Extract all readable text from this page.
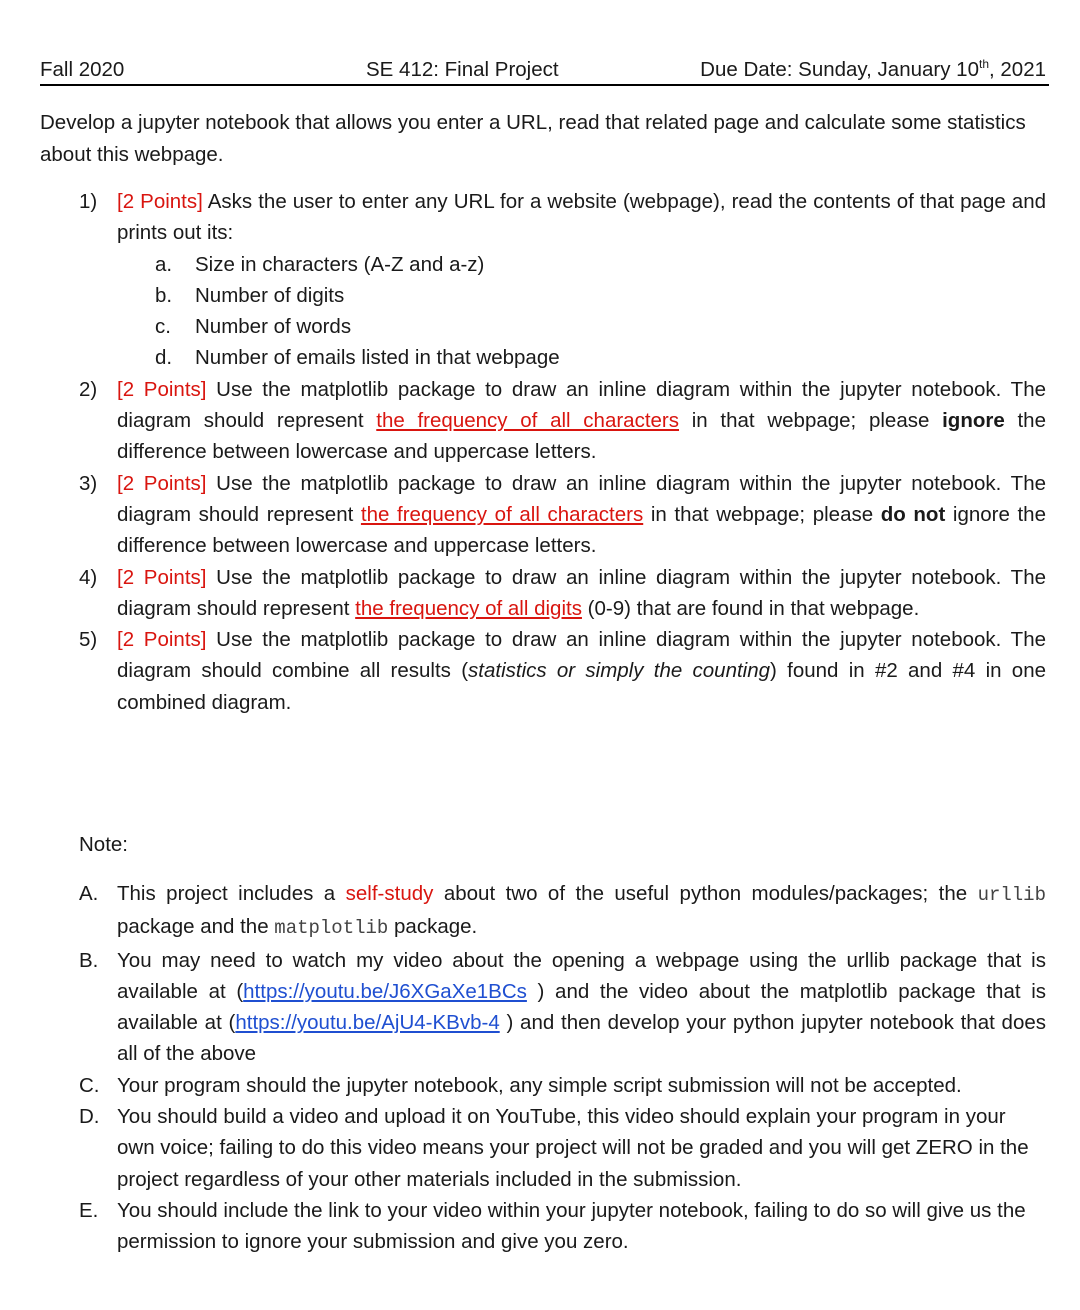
Fall 2020	SE 412: Final Project	Due Date: Sunday, January 10th, 2021

Develop a jupyter notebook that allows you enter a URL, read that related page and calculate some statistics about this webpage.

1) [2 Points] Asks the user to enter any URL for a website (webpage), read the contents of that page and prints out its:
a. Size in characters (A-Z and a-z)
b. Number of digits
c. Number of words
d. Number of emails listed in that webpage
2) [2 Points] Use the matplotlib package to draw an inline diagram within the jupyter notebook. The diagram should represent the frequency of all characters in that webpage; please ignore the difference between lowercase and uppercase letters.
3) [2 Points] Use the matplotlib package to draw an inline diagram within the jupyter notebook. The diagram should represent the frequency of all characters in that webpage; please do not ignore the difference between lowercase and uppercase letters.
4) [2 Points] Use the matplotlib package to draw an inline diagram within the jupyter notebook. The diagram should represent the frequency of all digits (0-9) that are found in that webpage.
5) [2 Points] Use the matplotlib package to draw an inline diagram within the jupyter notebook. The diagram should combine all results (statistics or simply the counting) found in #2 and #4 in one combined diagram.
Note:
A. This project includes a self-study about two of the useful python modules/packages; the urllib package and the matplotlib package.
B. You may need to watch my video about the opening a webpage using the urllib package that is available at (https://youtu.be/J6XGaXe1BCs ) and the video about the matplotlib package that is available at (https://youtu.be/AjU4-KBvb-4 ) and then develop your python jupyter notebook that does all of the above
C. Your program should the jupyter notebook, any simple script submission will not be accepted.
D. You should build a video and upload it on YouTube, this video should explain your program in your own voice; failing to do this video means your project will not be graded and you will get ZERO in the project regardless of your other materials included in the submission.
E. You should include the link to your video within your jupyter notebook, failing to do so will give us the permission to ignore your submission and give you zero.
